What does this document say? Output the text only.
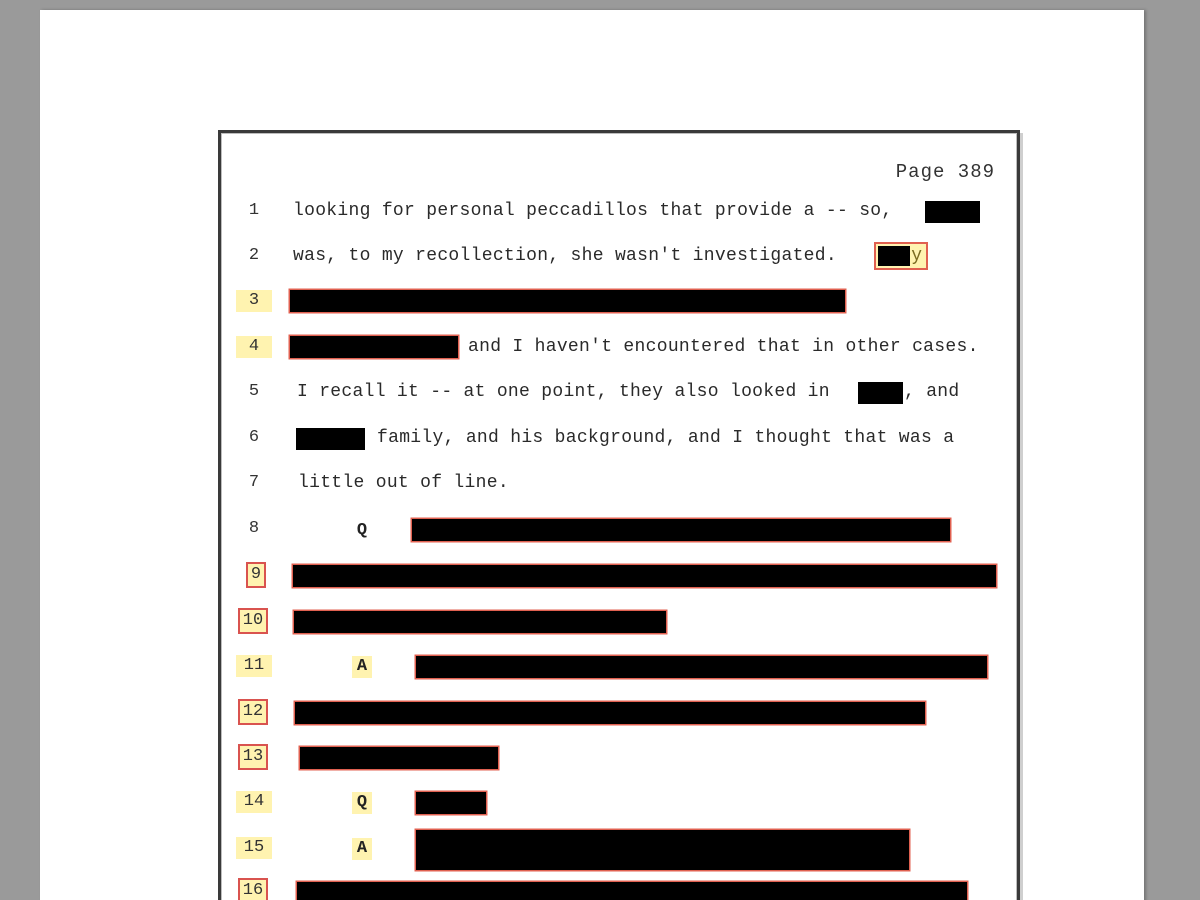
Page 389
1	looking for personal peccadillos that provide a -- so,
2	was, to my recollection, she wasn't investigated.	y
3
4	and I haven't encountered that in other cases.
5	I recall it -- at one point, they also looked in	, and
6	family, and his background, and I thought that was a
7	little out of line.
8	Q
9
10
11	A
12
13
14	Q
15	A
16
